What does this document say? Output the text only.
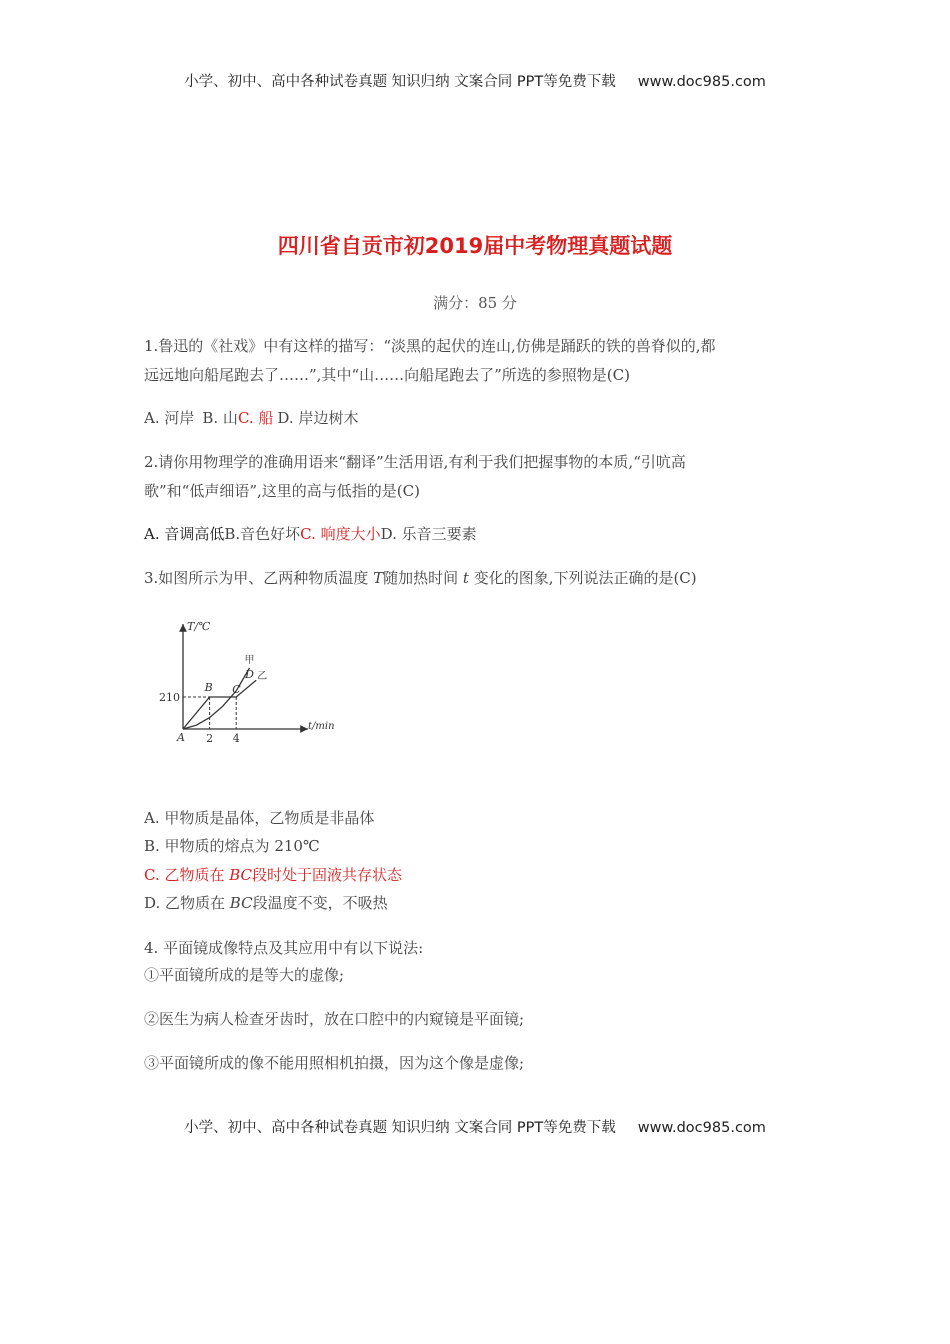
小学、初中、高中各种试卷真题 知识归纳 文案合同 PPT等免费下载 www.doc985.com
四川省自贡市初2019届中考物理真题试题
满分：85 分
1.鲁迅的《社戏》中有这样的描写：“淡黑的起伏的连山,仿佛是踊跃的铁的兽脊似的,都
远远地向船尾跑去了……”,其中“山……向船尾跑去了”所选的参照物是(C)
A. 河岸 B. 山C. 船 D. 岸边树木
2.请你用物理学的准确用语来“翻译”生活用语,有利于我们把握事物的本质,“引吭高
歌”和“低声细语”,这里的高与低指的是(C)
A. 音调高低B.音色好坏C. 响度大小D. 乐音三要素
3.如图所示为甲、乙两种物质温度 T随加热时间 t 变化的图象,下列说法正确的是(C)
T/℃
t/min
210
2 4
A
B C
D
甲
乙
A. 甲物质是晶体，乙物质是非晶体
B. 甲物质的熔点为 210℃
C. 乙物质在 BC段时处于固液共存状态
D. 乙物质在 BC段温度不变，不吸热
4. 平面镜成像特点及其应用中有以下说法:
①平面镜所成的是等大的虚像;
②医生为病人检查牙齿时，放在口腔中的内窥镜是平面镜;
③平面镜所成的像不能用照相机拍摄，因为这个像是虚像;
小学、初中、高中各种试卷真题 知识归纳 文案合同 PPT等免费下载 www.doc985.com
